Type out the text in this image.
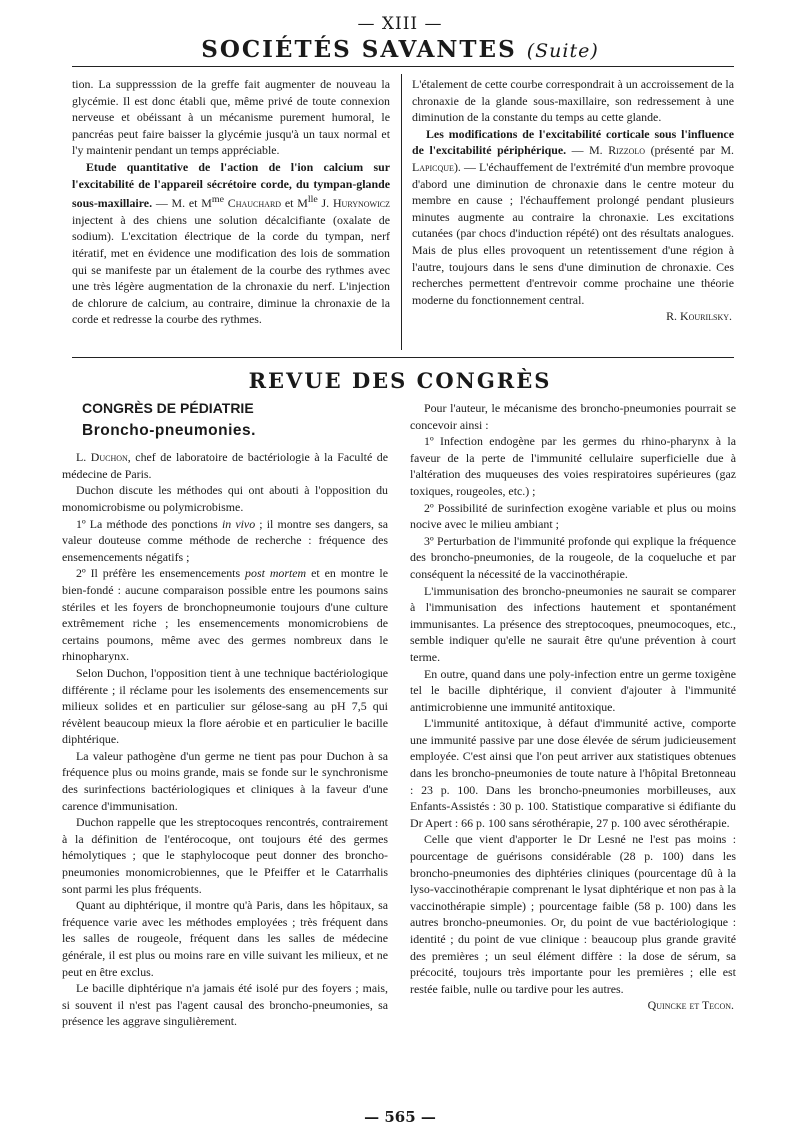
— XIII —
SOCIÉTÉS SAVANTES (Suite)

tion. La suppresssion de la greffe fait augmenter de nouveau la glycémie. Il est donc établi que, même privé de toute connexion nerveuse et obéissant à un mécanisme purement humoral, le pancréas peut faire baisser la glycémie jusqu'à un taux normal et l'y maintenir pendant un temps appréciable.

Etude quantitative de l'action de l'ion calcium sur l'excitabilité de l'appareil sécrétoire corde, du tympan-glande sous-maxillaire. — M. et $M^{me}$ Chauchard et $M^{lle}$ J. Hurynowicz injectent à des chiens une solution décalcifiante (oxalate de sodium). L'excitation électrique de la corde du tympan, nerf itératif, met en évidence une modification des lois de sommation qui se manifeste par un étalement de la courbe des rythmes avec une très légère augmentation de la chronaxie du nerf. L'injection de chlorure de calcium, au contraire, diminue la chronaxie de la corde et redresse la courbe des rythmes.

L'étalement de cette courbe correspondrait à un accroissement de la chronaxie de la glande sous-maxillaire, son redressement à une diminution de la constante du temps au cette glande.

Les modifications de l'excitabilité corticale sous l'influence de l'excitabilité périphérique. — M. Rizzolo (présenté par M. Lapicque). — L'échauffement de l'extrémité d'un membre provoque d'abord une diminution de chronaxie dans le centre moteur du membre en cause ; l'échauffement prolongé pendant plusieurs minutes augmente au contraire la chronaxie. Les excitations cutanées (par chocs d'induction répété) ont des résultats analogues. Mais de plus elles provoquent un retentissement d'une région à l'autre, toujours dans le sens d'une diminution de chronaxie. Ces recherches permettent d'entrevoir comme prochaine une théorie moderne du fonctionnement central.

R. Kourilsky.

REVUE DES CONGRÈS
CONGRÈS DE PÉDIATRIE
Broncho-pneumonies.

L. Duchon, chef de laboratoire de bactériologie à la Faculté de médecine de Paris.

Duchon discute les méthodes qui ont abouti à l'opposition du monomicrobisme ou polymicrobisme.

1º La méthode des ponctions in vivo ; il montre ses dangers, sa valeur douteuse comme méthode de recherche : fréquence des ensemencements négatifs ;

2º Il préfère les ensemencements post mortem et en montre le bien-fondé : aucune comparaison possible entre les poumons sains stériles et les foyers de bronchopneumonie toujours d'une culture extrêmement riche ; les ensemencements monomicrobiens de certains poumons, même avec des germes nombreux dans le rhinopharynx.

Selon Duchon, l'opposition tient à une technique bactériologique différente ; il réclame pour les isolements des ensemencements sur milieux solides et en particulier sur gélose-sang au pH 7,5 qui révèlent beaucoup mieux la flore aérobie et en particulier le bacille diphtérique.

La valeur pathogène d'un germe ne tient pas pour Duchon à sa fréquence plus ou moins grande, mais se fonde sur le synchronisme des surinfections bactériologiques et cliniques à la faveur d'une carence d'immunisation.

Duchon rappelle que les streptocoques rencontrés, contrairement à la définition de l'entérocoque, ont toujours été des germes hémolytiques ; que le staphylocoque peut donner des broncho-pneumonies monomicrobiennes, que le Pfeiffer et le Catarrhalis sont parmi les plus fréquents.

Quant au diphtérique, il montre qu'à Paris, dans les hôpitaux, sa fréquence varie avec les méthodes employées ; très fréquent dans les salles de rougeole, fréquent dans les salles de médecine générale, il est plus ou moins rare en ville suivant les milieux, et ne peut en être exclus.

Le bacille diphtérique n'a jamais été isolé pur des foyers ; mais, si souvent il n'est pas l'agent causal des broncho-pneumonies, sa présence les aggrave singulièrement.

Pour l'auteur, le mécanisme des broncho-pneumonies pourrait se concevoir ainsi :

1º Infection endogène par les germes du rhino-pharynx à la faveur de la perte de l'immunité cellulaire superficielle due à l'altération des muqueuses des voies respiratoires supérieures (gaz toxiques, rougeoles, etc.) ;

2º Possibilité de surinfection exogène variable et plus ou moins nocive avec le milieu ambiant ;

3º Perturbation de l'immunité profonde qui explique la fréquence des broncho-pneumonies, de la rougeole, de la coqueluche et par conséquent la nécessité de la vaccinothérapie.

L'immunisation des broncho-pneumonies ne saurait se comparer à l'immunisation des infections hautement et spontanément immunisantes. La présence des streptocoques, pneumocoques, etc., semble indiquer qu'elle ne saurait être qu'une prévention à court terme.

En outre, quand dans une poly-infection entre un germe toxigène tel le bacille diphtérique, il convient d'ajouter à l'immunité antimicrobienne une immunité antitoxique.

L'immunité antitoxique, à défaut d'immunité active, comporte une immunité passive par une dose élevée de sérum judicieusement employée. C'est ainsi que l'on peut arriver aux statistiques obtenues dans les broncho-pneumonies de toute nature à l'hôpital Bretonneau : 23 p. 100. Dans les broncho-pneumonies morbilleuses, aux Enfants-Assistés : 30 p. 100. Statistique comparative si édifiante du Dr Apert : 66 p. 100 sans sérothérapie, 27 p. 100 avec sérothérapie.

Celle que vient d'apporter le Dr Lesné ne l'est pas moins : pourcentage de guérisons considérable (28 p. 100) dans les broncho-pneumonies des diphtéries cliniques (pourcentage dû à la lyso-vaccinothérapie comprenant le lysat diphtérique et non pas à la vaccinothérapie simple) ; pourcentage faible (58 p. 100) dans les autres broncho-pneumonies. Or, du point de vue bactériologique : identité ; du point de vue clinique : beaucoup plus grande gravité des premières ; un seul élément diffère : la dose de sérum, sa précocité, toujours très importante pour les premières ; elle est restée faible, nulle ou tardive pour les autres.

Quincke et Tecon.

— 565 —
